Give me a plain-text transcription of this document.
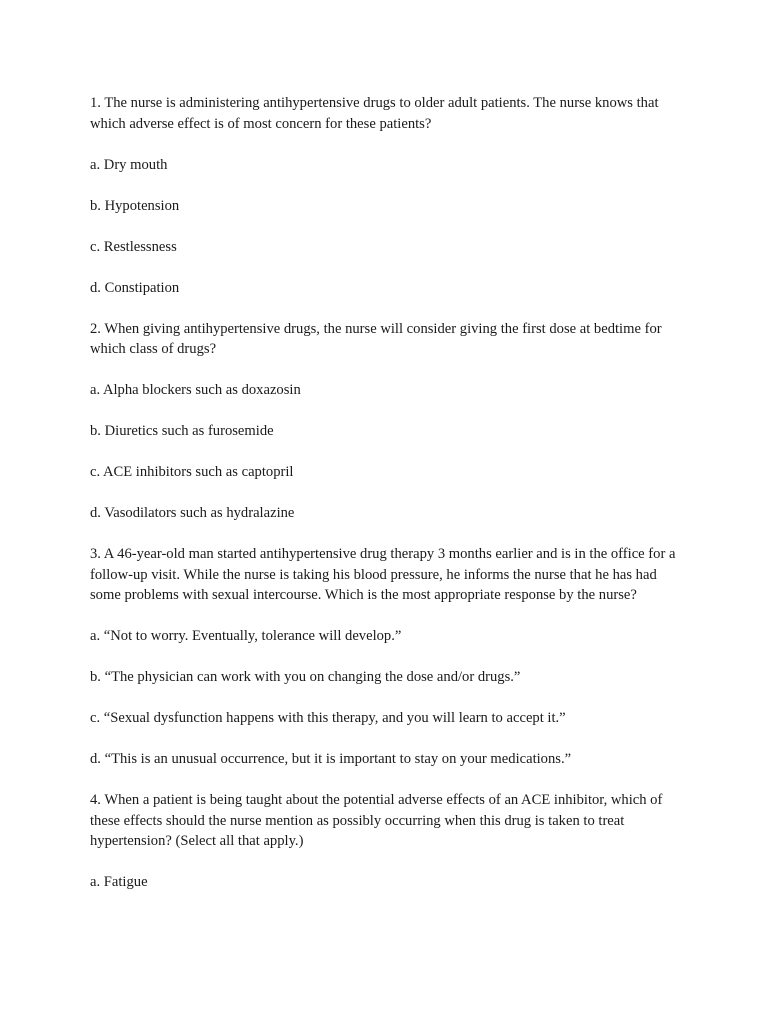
1. The nurse is administering antihypertensive drugs to older adult patients. The nurse knows that which adverse effect is of most concern for these patients?

a. Dry mouth

b. Hypotension

c. Restlessness

d. Constipation

2. When giving antihypertensive drugs, the nurse will consider giving the first dose at bedtime for which class of drugs?

a. Alpha blockers such as doxazosin

b. Diuretics such as furosemide

c. ACE inhibitors such as captopril

d. Vasodilators such as hydralazine

3. A 46-year-old man started antihypertensive drug therapy 3 months earlier and is in the office for a follow-up visit. While the nurse is taking his blood pressure, he informs the nurse that he has had some problems with sexual intercourse. Which is the most appropriate response by the nurse?

a. “Not to worry. Eventually, tolerance will develop.”

b. “The physician can work with you on changing the dose and/or drugs.”

c. “Sexual dysfunction happens with this therapy, and you will learn to accept it.”

d. “This is an unusual occurrence, but it is important to stay on your medications.”

4. When a patient is being taught about the potential adverse effects of an ACE inhibitor, which of these effects should the nurse mention as possibly occurring when this drug is taken to treat hypertension? (Select all that apply.)

a. Fatigue
